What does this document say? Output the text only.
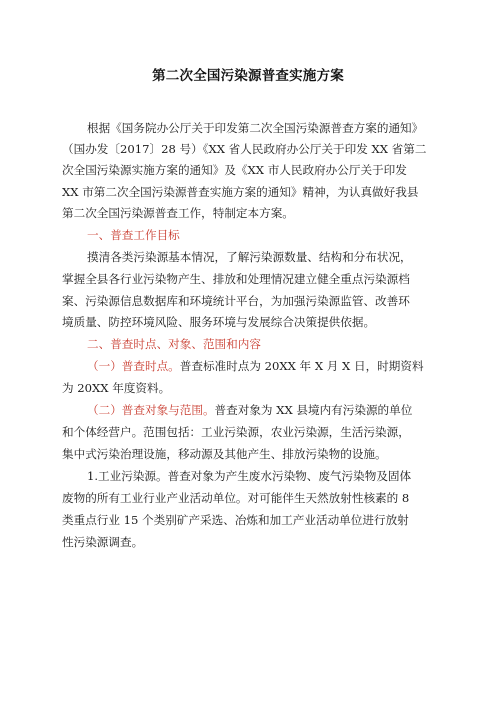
第二次全国污染源普查实施方案
根据《国务院办公厅关于印发第二次全国污染源普查方案的通知》
（国办发〔2017〕28 号）《XX 省人民政府办公厅关于印发 XX 省第二
次全国污染源实施方案的通知》及《XX 市人民政府办公厅关于印发
XX 市第二次全国污染源普查实施方案的通知》精神，为认真做好我县
第二次全国污染源普查工作，特制定本方案。
一、普查工作目标
摸清各类污染源基本情况，了解污染源数量、结构和分布状况，
掌握全县各行业污染物产生、排放和处理情况建立健全重点污染源档
案、污染源信息数据库和环境统计平台，为加强污染源监管、改善环
境质量、防控环境风险、服务环境与发展综合决策提供依据。
二、普查时点、对象、范围和内容
（一）普查时点。普查标准时点为 20XX 年 X 月 X 日，时期资料
为 20XX 年度资料。
（二）普查对象与范围。普查对象为 XX 县境内有污染源的单位
和个体经营户。范围包括：工业污染源，农业污染源，生活污染源，
集中式污染治理设施，移动源及其他产生、排放污染物的设施。
1.工业污染源。普查对象为产生废水污染物、废气污染物及固体
废物的所有工业行业产业活动单位。对可能伴生天然放射性核素的 8
类重点行业 15 个类别矿产采选、冶炼和加工产业活动单位进行放射
性污染源调查。
